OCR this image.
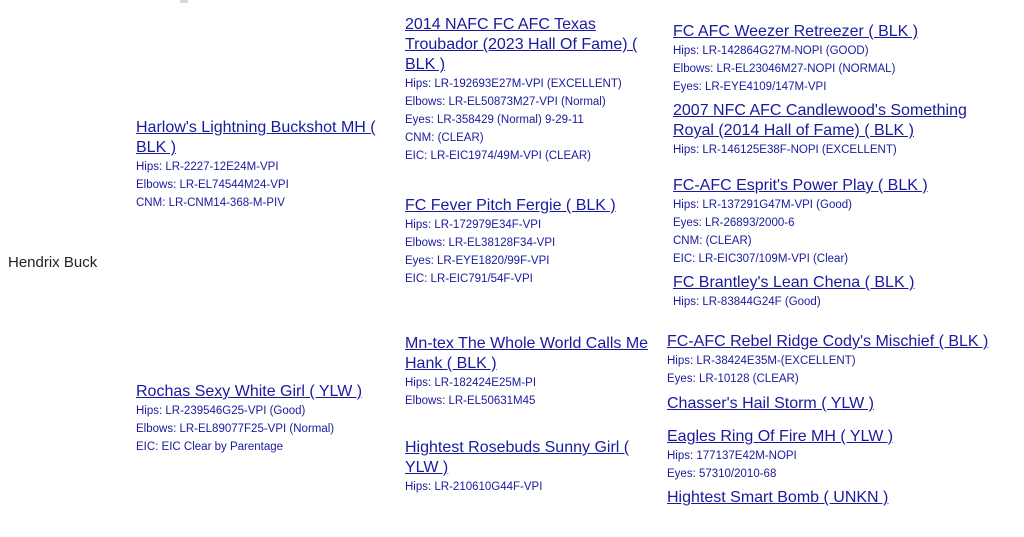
Hendrix Buck
Harlow's Lightning Buckshot MH ( BLK )
Hips: LR-2227-12E24M-VPI
Elbows: LR-EL74544M24-VPI
CNM: LR-CNM14-368-M-PIV
Rochas Sexy White Girl ( YLW )
Hips: LR-239546G25-VPI (Good)
Elbows: LR-EL89077F25-VPI (Normal)
EIC: EIC Clear by Parentage
2014 NAFC FC AFC Texas Troubador (2023 Hall Of Fame) ( BLK )
Hips: LR-192693E27M-VPI (EXCELLENT)
Elbows: LR-EL50873M27-VPI (Normal)
Eyes: LR-358429 (Normal) 9-29-11
CNM: (CLEAR)
EIC: LR-EIC1974/49M-VPI (CLEAR)
FC Fever Pitch Fergie ( BLK )
Hips: LR-172979E34F-VPI
Elbows: LR-EL38128F34-VPI
Eyes: LR-EYE1820/99F-VPI
EIC: LR-EIC791/54F-VPI
Mn-tex The Whole World Calls Me Hank ( BLK )
Hips: LR-182424E25M-PI
Elbows: LR-EL50631M45
Hightest Rosebuds Sunny Girl ( YLW )
Hips: LR-210610G44F-VPI
FC AFC Weezer Retreezer ( BLK )
Hips: LR-142864G27M-NOPI (GOOD)
Elbows: LR-EL23046M27-NOPI (NORMAL)
Eyes: LR-EYE4109/147M-VPI
2007 NFC AFC Candlewood's Something Royal (2014 Hall of Fame) ( BLK )
Hips: LR-146125E38F-NOPI (EXCELLENT)
FC-AFC Esprit's Power Play ( BLK )
Hips: LR-137291G47M-VPI (Good)
Eyes: LR-26893/2000-6
CNM: (CLEAR)
EIC: LR-EIC307/109M-VPI (Clear)
FC Brantley's Lean Chena ( BLK )
Hips: LR-83844G24F (Good)
FC-AFC Rebel Ridge Cody's Mischief ( BLK )
Hips: LR-38424E35M-(EXCELLENT)
Eyes: LR-10128 (CLEAR)
Chasser's Hail Storm ( YLW )
Eagles Ring Of Fire MH ( YLW )
Hips: 177137E42M-NOPI
Eyes: 57310/2010-68
Hightest Smart Bomb ( UNKN )
